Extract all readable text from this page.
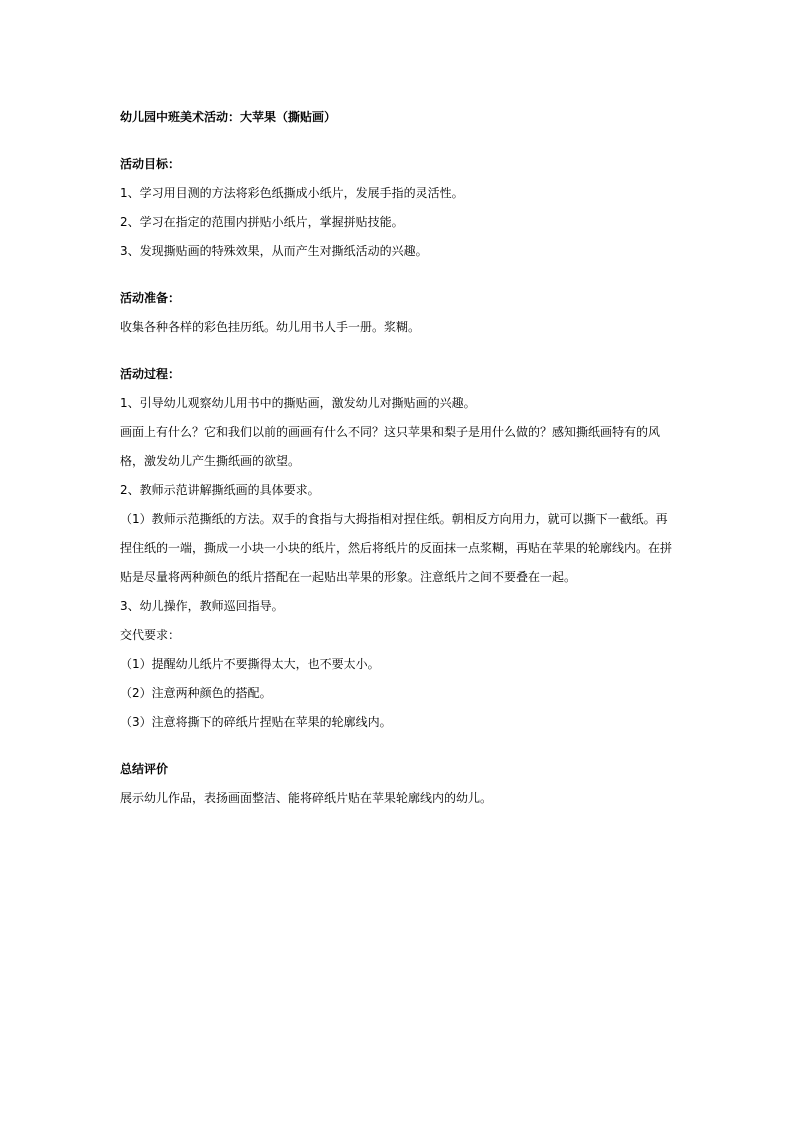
幼儿园中班美术活动：大苹果（撕贴画）
活动目标：
1、学习用目测的方法将彩色纸撕成小纸片，发展手指的灵活性。
2、学习在指定的范围内拼贴小纸片，掌握拼贴技能。
3、发现撕贴画的特殊效果，从而产生对撕纸活动的兴趣。
活动准备：
收集各种各样的彩色挂历纸。幼儿用书人手一册。浆糊。
活动过程：
1、引导幼儿观察幼儿用书中的撕贴画，激发幼儿对撕贴画的兴趣。
画面上有什么？它和我们以前的画画有什么不同？这只苹果和梨子是用什么做的？感知撕纸画特有的风格，激发幼儿产生撕纸画的欲望。
2、教师示范讲解撕纸画的具体要求。
（1）教师示范撕纸的方法。双手的食指与大拇指相对捏住纸。朝相反方向用力，就可以撕下一截纸。再捏住纸的一端，撕成一小块一小块的纸片，然后将纸片的反面抹一点浆糊，再贴在苹果的轮廓线内。在拼贴是尽量将两种颜色的纸片搭配在一起贴出苹果的形象。注意纸片之间不要叠在一起。
3、幼儿操作，教师巡回指导。
交代要求：
（1）提醒幼儿纸片不要撕得太大，也不要太小。
（2）注意两种颜色的搭配。
（3）注意将撕下的碎纸片捏贴在苹果的轮廓线内。
总结评价
展示幼儿作品，表扬画面整洁、能将碎纸片贴在苹果轮廓线内的幼儿。
